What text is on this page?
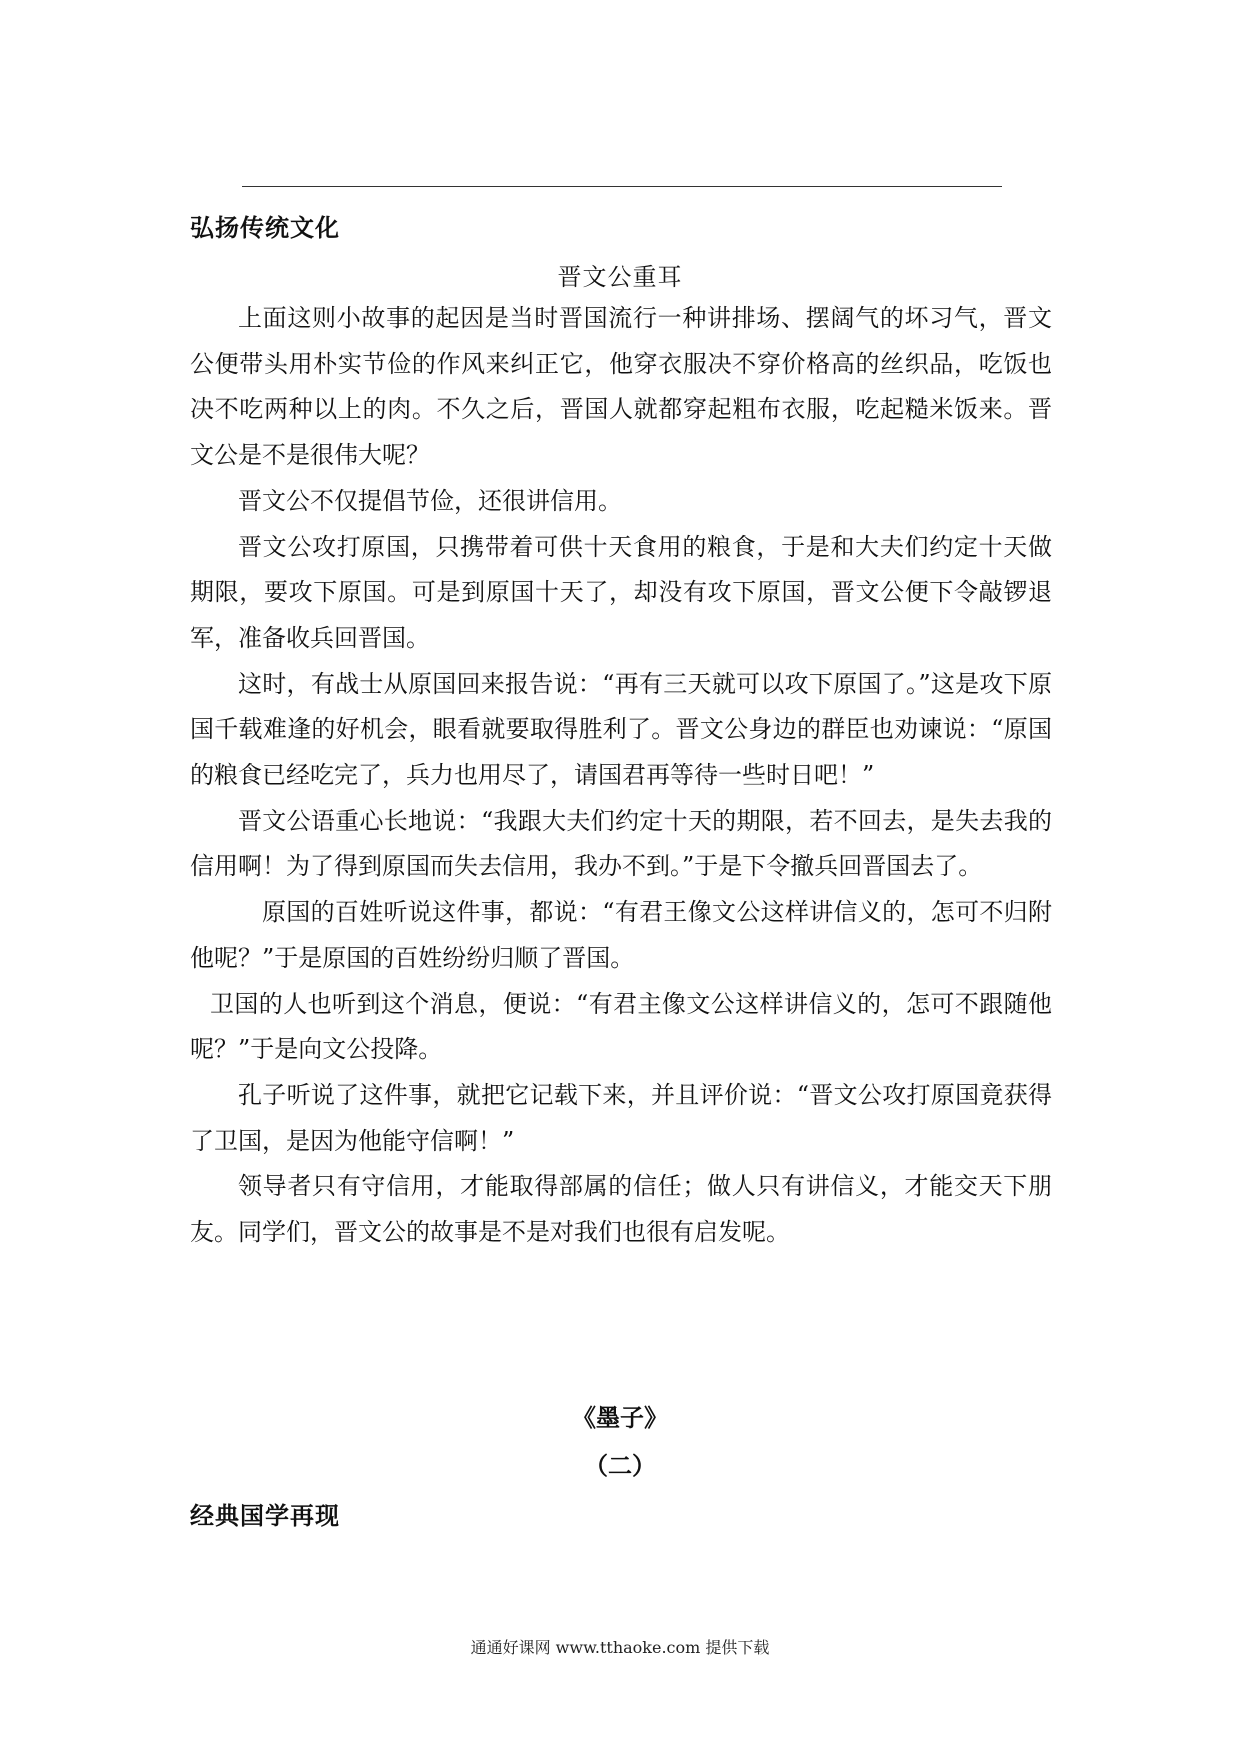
弘扬传统文化
晋文公重耳

上面这则小故事的起因是当时晋国流行一种讲排场、摆阔气的坏习气，晋文公便带头用朴实节俭的作风来纠正它，他穿衣服决不穿价格高的丝织品，吃饭也决不吃两种以上的肉。不久之后，晋国人就都穿起粗布衣服，吃起糙米饭来。晋文公是不是很伟大呢？

晋文公不仅提倡节俭，还很讲信用。

晋文公攻打原国，只携带着可供十天食用的粮食，于是和大夫们约定十天做期限，要攻下原国。可是到原国十天了，却没有攻下原国，晋文公便下令敲锣退军，准备收兵回晋国。

这时，有战士从原国回来报告说：“再有三天就可以攻下原国了。”这是攻下原国千载难逢的好机会，眼看就要取得胜利了。晋文公身边的群臣也劝谏说：“原国的粮食已经吃完了，兵力也用尽了，请国君再等待一些时日吧！”

晋文公语重心长地说：“我跟大夫们约定十天的期限，若不回去，是失去我的信用啊！为了得到原国而失去信用，我办不到。”于是下令撤兵回晋国去了。

原国的百姓听说这件事，都说：“有君王像文公这样讲信义的，怎可不归附他呢？”于是原国的百姓纷纷归顺了晋国。

卫国的人也听到这个消息，便说：“有君主像文公这样讲信义的，怎可不跟随他呢？”于是向文公投降。

孔子听说了这件事，就把它记载下来，并且评价说：“晋文公攻打原国竟获得了卫国，是因为他能守信啊！”

领导者只有守信用，才能取得部属的信任；做人只有讲信义，才能交天下朋友。同学们，晋文公的故事是不是对我们也很有启发呢。

《墨子》
（二）
经典国学再现
通通好课网 www.tthaoke.com 提供下载
